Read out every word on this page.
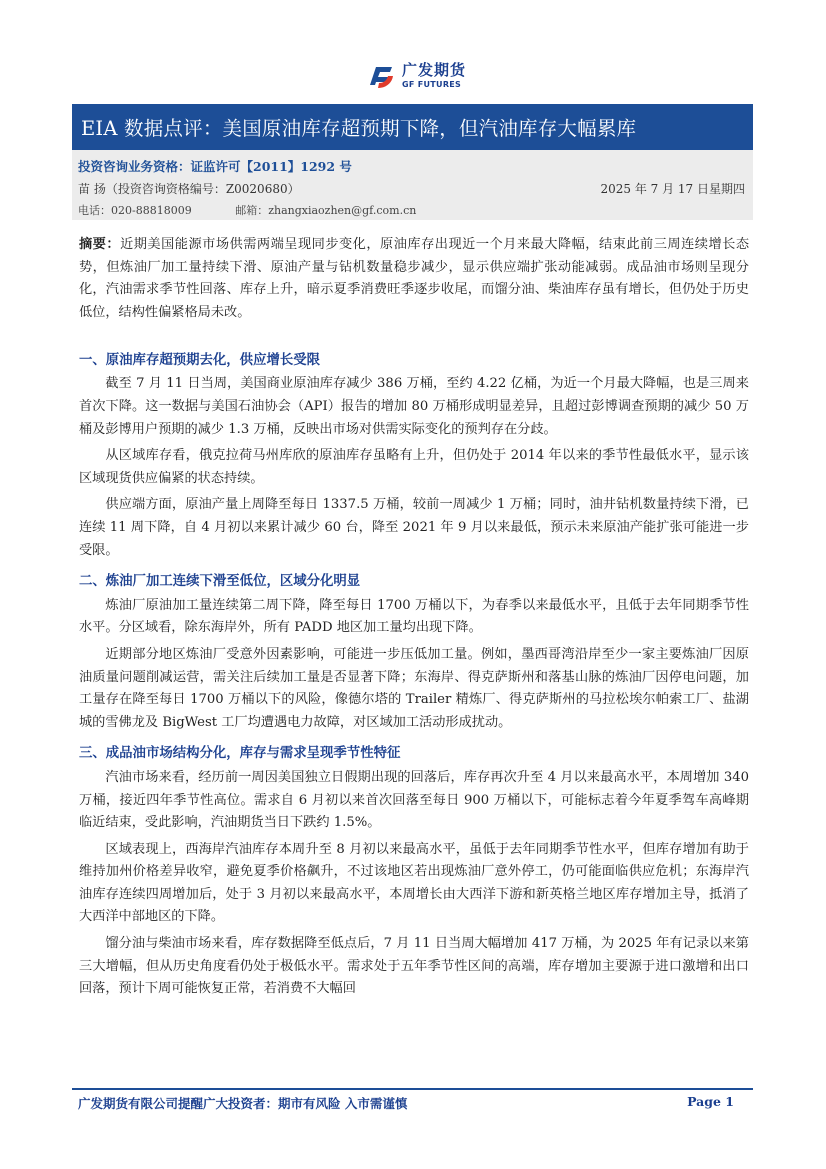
广发期货
GF FUTURES
EIA 数据点评：美国原油库存超预期下降，但汽油库存大幅累库
投资咨询业务资格：证监许可【2011】1292 号
苗 扬（投资咨询资格编号：Z0020680）	2025 年 7 月 17 日星期四
电话：020-88818009	邮箱：zhangxiaozhen@gf.com.cn

摘要：近期美国能源市场供需两端呈现同步变化，原油库存出现近一个月来最大降幅，结束此前三周连续增长态势，但炼油厂加工量持续下滑、原油产量与钻机数量稳步减少，显示供应端扩张动能减弱。成品油市场则呈现分化，汽油需求季节性回落、库存上升，暗示夏季消费旺季逐步收尾，而馏分油、柴油库存虽有增长，但仍处于历史低位，结构性偏紧格局未改。

一、原油库存超预期去化，供应增长受限

截至 7 月 11 日当周，美国商业原油库存减少 386 万桶，至约 4.22 亿桶，为近一个月最大降幅，也是三周来首次下降。这一数据与美国石油协会（API）报告的增加 80 万桶形成明显差异，且超过彭博调查预期的减少 50 万桶及彭博用户预期的减少 1.3 万桶，反映出市场对供需实际变化的预判存在分歧。

从区域库存看，俄克拉荷马州库欣的原油库存虽略有上升，但仍处于 2014 年以来的季节性最低水平，显示该区域现货供应偏紧的状态持续。

供应端方面，原油产量上周降至每日 1337.5 万桶，较前一周减少 1 万桶；同时，油井钻机数量持续下滑，已连续 11 周下降，自 4 月初以来累计减少 60 台，降至 2021 年 9 月以来最低，预示未来原油产能扩张可能进一步受限。

二、炼油厂加工连续下滑至低位，区域分化明显

炼油厂原油加工量连续第二周下降，降至每日 1700 万桶以下，为春季以来最低水平，且低于去年同期季节性水平。分区域看，除东海岸外，所有 PADD 地区加工量均出现下降。

近期部分地区炼油厂受意外因素影响，可能进一步压低加工量。例如，墨西哥湾沿岸至少一家主要炼油厂因原油质量问题削减运营，需关注后续加工量是否显著下降；东海岸、得克萨斯州和落基山脉的炼油厂因停电问题，加工量存在降至每日 1700 万桶以下的风险，像德尔塔的 Trailer 精炼厂、得克萨斯州的马拉松埃尔帕索工厂、盐湖城的雪佛龙及 BigWest 工厂均遭遇电力故障，对区域加工活动形成扰动。

三、成品油市场结构分化，库存与需求呈现季节性特征

汽油市场来看，经历前一周因美国独立日假期出现的回落后，库存再次升至 4 月以来最高水平，本周增加 340 万桶，接近四年季节性高位。需求自 6 月初以来首次回落至每日 900 万桶以下，可能标志着今年夏季驾车高峰期临近结束，受此影响，汽油期货当日下跌约 1.5%。

区域表现上，西海岸汽油库存本周升至 8 月初以来最高水平，虽低于去年同期季节性水平，但库存增加有助于维持加州价格差异收窄，避免夏季价格飙升，不过该地区若出现炼油厂意外停工，仍可能面临供应危机；东海岸汽油库存连续四周增加后，处于 3 月初以来最高水平，本周增长由大西洋下游和新英格兰地区库存增加主导，抵消了大西洋中部地区的下降。

馏分油与柴油市场来看，库存数据降至低点后，7 月 11 日当周大幅增加 417 万桶，为 2025 年有记录以来第三大增幅，但从历史角度看仍处于极低水平。需求处于五年季节性区间的高端，库存增加主要源于进口激增和出口回落，预计下周可能恢复正常，若消费不大幅回

广发期货有限公司提醒广大投资者：期市有风险 入市需谨慎	Page 1
